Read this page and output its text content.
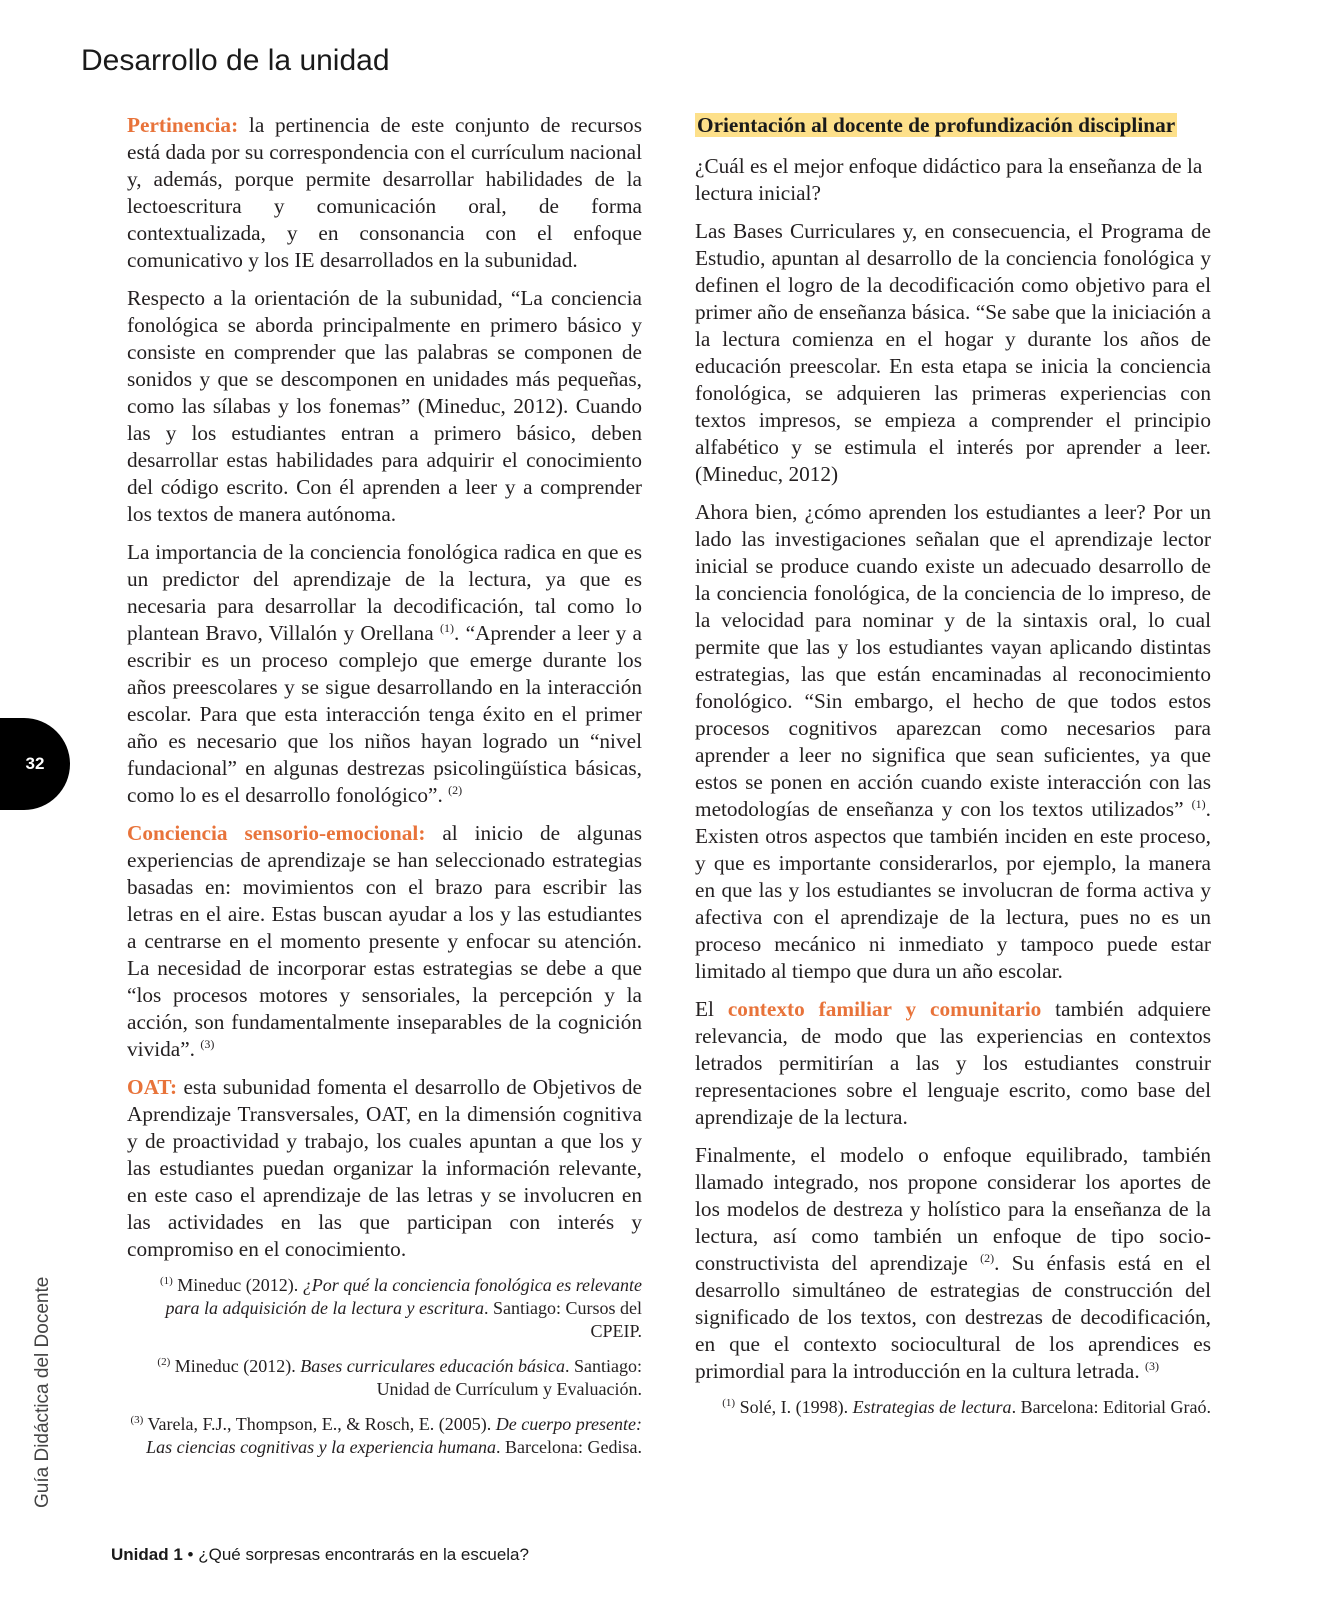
Desarrollo de la unidad

Pertinencia: la pertinencia de este conjunto de recursos está dada por su correspondencia con el currículum nacional y, además, porque permite desarrollar habilidades de la lectoescritura y comunicación oral, de forma contextualizada, y en consonancia con el enfoque comunicativo y los IE desarrollados en la subunidad.

Respecto a la orientación de la subunidad, “La conciencia fonológica se aborda principalmente en primero básico y consiste en comprender que las palabras se componen de sonidos y que se descomponen en unidades más pequeñas, como las sílabas y los fonemas” (Mineduc, 2012). Cuando las y los estudiantes entran a primero básico, deben desarrollar estas habilidades para adquirir el conocimiento del código escrito. Con él aprenden a leer y a comprender los textos de manera autónoma.

La importancia de la conciencia fonológica radica en que es un predictor del aprendizaje de la lectura, ya que es necesaria para desarrollar la decodificación, tal como lo plantean Bravo, Villalón y Orellana $^{(1)}$. “Aprender a leer y a escribir es un proceso complejo que emerge durante los años preescolares y se sigue desarrollando en la interacción escolar. Para que esta interacción tenga éxito en el primer año es necesario que los niños hayan logrado un “nivel fundacional” en algunas destrezas psicolingüística básicas, como lo es el desarrollo fonológico”. $^{(2)}$

Conciencia sensorio-emocional: al inicio de algunas experiencias de aprendizaje se han seleccionado estrategias basadas en: movimientos con el brazo para escribir las letras en el aire. Estas buscan ayudar a los y las estudiantes a centrarse en el momento presente y enfocar su atención. La necesidad de incorporar estas estrategias se debe a que “los procesos motores y sensoriales, la percepción y la acción, son fundamentalmente inseparables de la cognición vivida”. $^{(3)}$

OAT: esta subunidad fomenta el desarrollo de Objetivos de Aprendizaje Transversales, OAT, en la dimensión cognitiva y de proactividad y trabajo, los cuales apuntan a que los y las estudiantes puedan organizar la información relevante, en este caso el aprendizaje de las letras y se involucren en las actividades en las que participan con interés y compromiso en el conocimiento.

$^{(1)}$ Mineduc (2012). ¿Por qué la conciencia fonológica es relevante para la adquisición de la lectura y escritura. Santiago: Cursos del CPEIP.

$^{(2)}$ Mineduc (2012). Bases curriculares educación básica. Santiago: Unidad de Currículum y Evaluación.

$^{(3)}$ Varela, F.J., Thompson, E., & Rosch, E. (2005). De cuerpo presente: Las ciencias cognitivas y la experiencia humana. Barcelona: Gedisa.

Orientación al docente de profundización disciplinar

¿Cuál es el mejor enfoque didáctico para la enseñanza de la lectura inicial?

Las Bases Curriculares y, en consecuencia, el Programa de Estudio, apuntan al desarrollo de la conciencia fonológica y definen el logro de la decodificación como objetivo para el primer año de enseñanza básica. “Se sabe que la iniciación a la lectura comienza en el hogar y durante los años de educación preescolar. En esta etapa se inicia la conciencia fonológica, se adquieren las primeras experiencias con textos impresos, se empieza a comprender el principio alfabético y se estimula el interés por aprender a leer. (Mineduc, 2012)

Ahora bien, ¿cómo aprenden los estudiantes a leer? Por un lado las investigaciones señalan que el aprendizaje lector inicial se produce cuando existe un adecuado desarrollo de la conciencia fonológica, de la conciencia de lo impreso, de la velocidad para nominar y de la sintaxis oral, lo cual permite que las y los estudiantes vayan aplicando distintas estrategias, las que están encaminadas al reconocimiento fonológico. “Sin embargo, el hecho de que todos estos procesos cognitivos aparezcan como necesarios para aprender a leer no significa que sean suficientes, ya que estos se ponen en acción cuando existe interacción con las metodologías de enseñanza y con los textos utilizados” $^{(1)}$. Existen otros aspectos que también inciden en este proceso, y que es importante considerarlos, por ejemplo, la manera en que las y los estudiantes se involucran de forma activa y afectiva con el aprendizaje de la lectura, pues no es un proceso mecánico ni inmediato y tampoco puede estar limitado al tiempo que dura un año escolar.

El contexto familiar y comunitario también adquiere relevancia, de modo que las experiencias en contextos letrados permitirían a las y los estudiantes construir representaciones sobre el lenguaje escrito, como base del aprendizaje de la lectura.

Finalmente, el modelo o enfoque equilibrado, también llamado integrado, nos propone considerar los aportes de los modelos de destreza y holístico para la enseñanza de la lectura, así como también un enfoque de tipo socio-constructivista del aprendizaje $^{(2)}$. Su énfasis está en el desarrollo simultáneo de estrategias de construcción del significado de los textos, con destrezas de decodificación, en que el contexto sociocultural de los aprendices es primordial para la introducción en la cultura letrada. $^{(3)}$

$^{(1)}$ Solé, I. (1998). Estrategias de lectura. Barcelona: Editorial Graó.

32
Guía Didáctica del Docente
Unidad 1 • ¿Qué sorpresas encontrarás en la escuela?
